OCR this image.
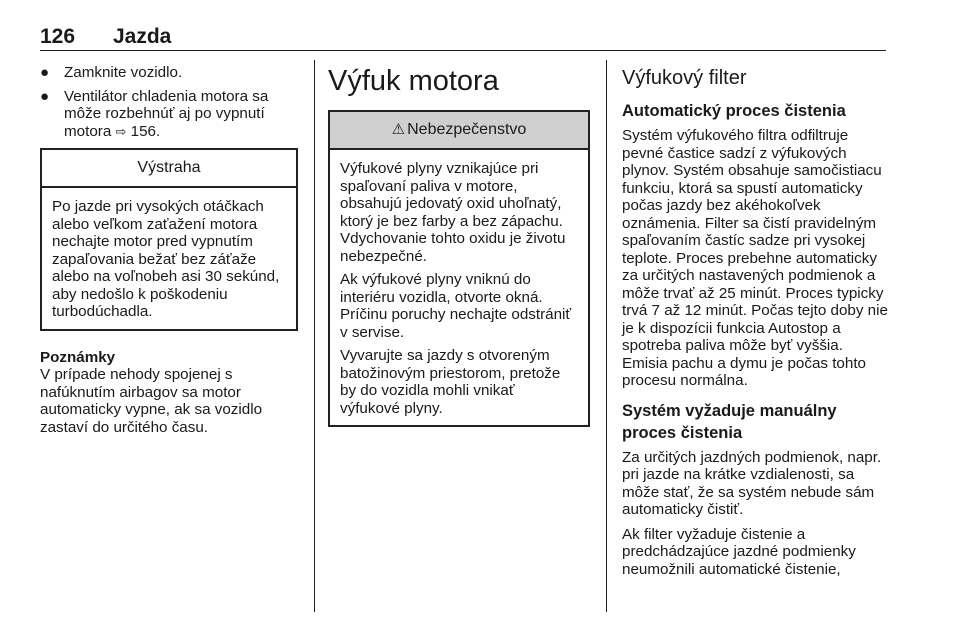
126 Jazda
● Zamknite vozidlo.
● Ventilátor chladenia motora sa môže rozbehnúť aj po vypnutí motora ⇨ 156.
Výstraha

Po jazde pri vysokých otáčkach alebo veľkom zaťažení motora nechajte motor pred vypnutím zapaľovania bežať bez záťaže alebo na voľnobeh asi 30 sekúnd, aby nedošlo k poškodeniu turbodúchadla.

Poznámky
V prípade nehody spojenej s nafúknutím airbagov sa motor automaticky vypne, ak sa vozidlo zastaví do určitého času.
Výfuk motora
⚠ Nebezpečenstvo

Výfukové plyny vznikajúce pri spaľovaní paliva v motore, obsahujú jedovatý oxid uhoľnatý, ktorý je bez farby a bez zápachu. Vdychovanie tohto oxidu je životu nebezpečné.

Ak výfukové plyny vniknú do interiéru vozidla, otvorte okná. Príčinu poruchy nechajte odstrániť v servise.

Vyvarujte sa jazdy s otvoreným batožinovým priestorom, pretože by do vozidla mohli vnikať výfukové plyny.

Výfukový filter
Automatický proces čistenia

Systém výfukového filtra odfiltruje pevné častice sadzí z výfukových plynov. Systém obsahuje samočistiacu funkciu, ktorá sa spustí automaticky počas jazdy bez akéhokoľvek oznámenia. Filter sa čistí pravidelným spaľovaním častíc sadze pri vysokej teplote. Proces prebehne automaticky za určitých nastavených podmienok a môže trvať až 25 minút. Proces typicky trvá 7 až 12 minút. Počas tejto doby nie je k dispozícii funkcia Autostop a spotreba paliva môže byť vyššia. Emisia pachu a dymu je počas tohto procesu normálna.

Systém vyžaduje manuálny proces čistenia

Za určitých jazdných podmienok, napr. pri jazde na krátke vzdialenosti, sa môže stať, že sa systém nebude sám automaticky čistiť.

Ak filter vyžaduje čistenie a predchádzajúce jazdné podmienky neumožnili automatické čistenie,
